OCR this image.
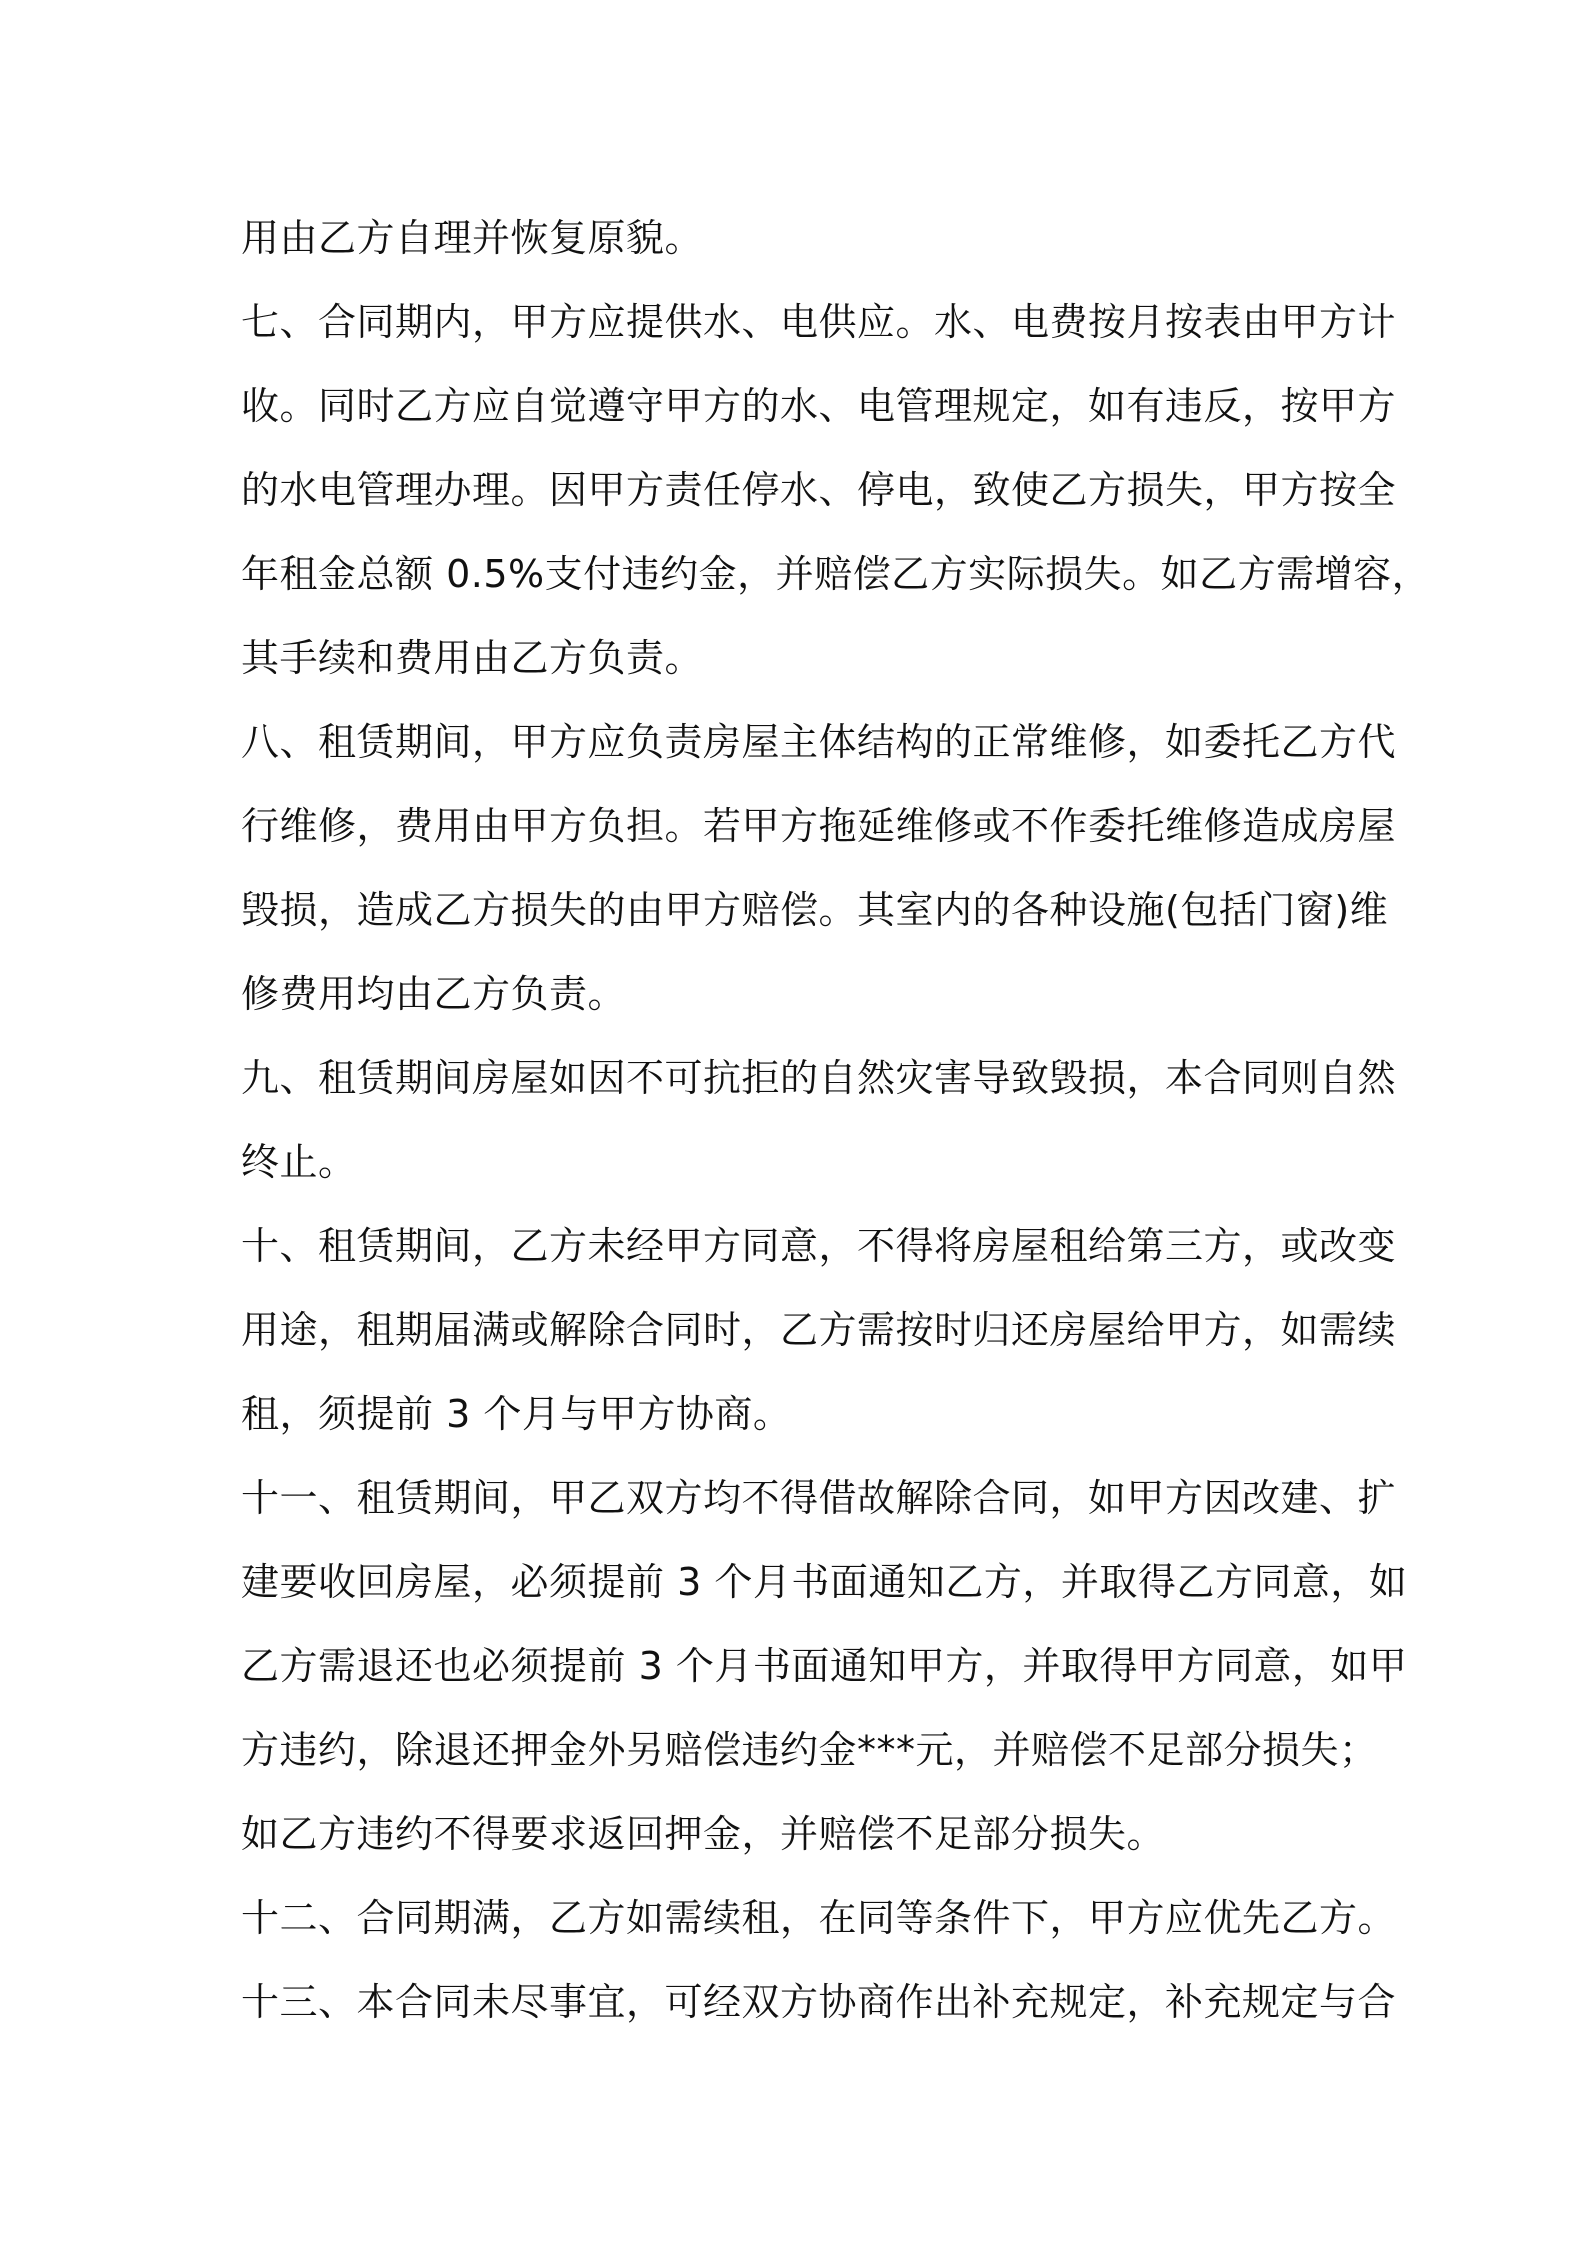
用由乙方自理并恢复原貌。
七、合同期内，甲方应提供水、电供应。水、电费按月按表由甲方计
收。同时乙方应自觉遵守甲方的水、电管理规定，如有违反，按甲方
的水电管理办理。因甲方责任停水、停电，致使乙方损失，甲方按全
年租金总额 0.5%支付违约金，并赔偿乙方实际损失。如乙方需增容，
其手续和费用由乙方负责。
八、租赁期间，甲方应负责房屋主体结构的正常维修，如委托乙方代
行维修，费用由甲方负担。若甲方拖延维修或不作委托维修造成房屋
毁损，造成乙方损失的由甲方赔偿。其室内的各种设施(包括门窗)维
修费用均由乙方负责。
九、租赁期间房屋如因不可抗拒的自然灾害导致毁损，本合同则自然
终止。
十、租赁期间，乙方未经甲方同意，不得将房屋租给第三方，或改变
用途，租期届满或解除合同时，乙方需按时归还房屋给甲方，如需续
租，须提前 3 个月与甲方协商。
十一、租赁期间，甲乙双方均不得借故解除合同，如甲方因改建、扩
建要收回房屋，必须提前 3 个月书面通知乙方，并取得乙方同意，如
乙方需退还也必须提前 3 个月书面通知甲方，并取得甲方同意，如甲
方违约，除退还押金外另赔偿违约金***元，并赔偿不足部分损失；
如乙方违约不得要求返回押金，并赔偿不足部分损失。
十二、合同期满，乙方如需续租，在同等条件下，甲方应优先乙方。
十三、本合同未尽事宜，可经双方协商作出补充规定，补充规定与合
